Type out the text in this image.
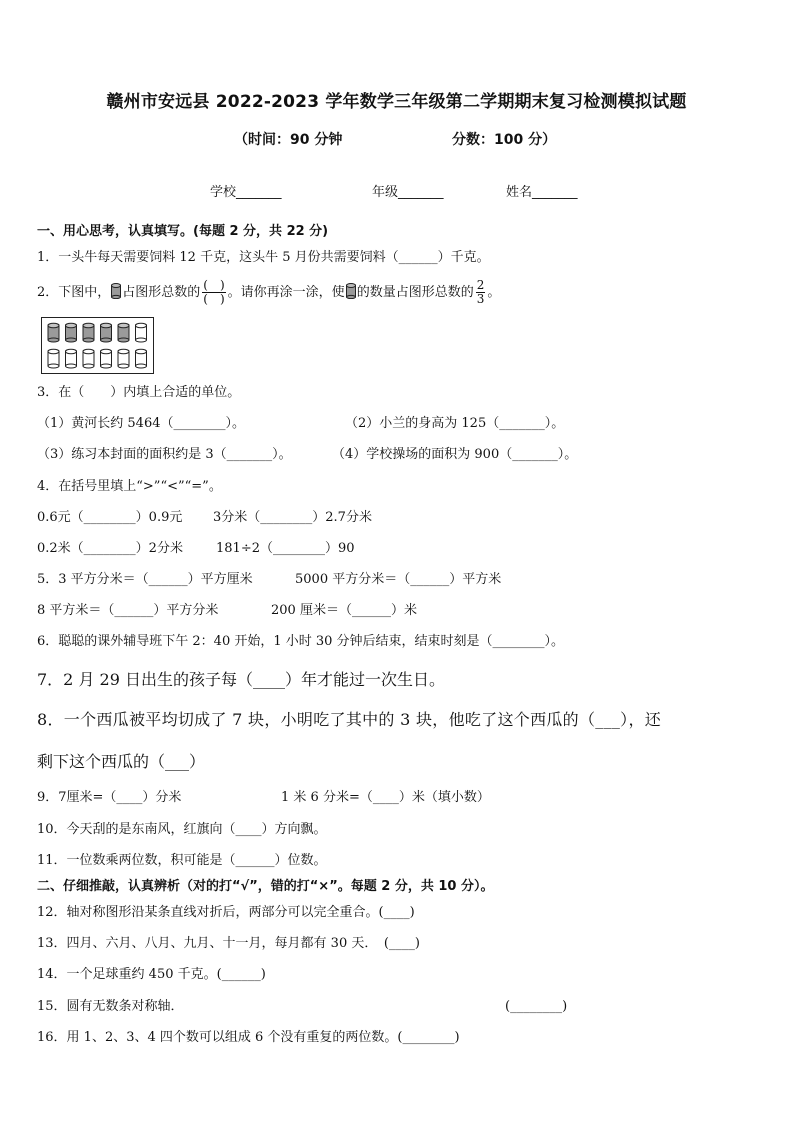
赣州市安远县 2022-2023 学年数学三年级第二学期期末复习检测模拟试题
（时间：90 分钟	分数：100 分）
学校_______	年级_______	姓名_______
一、用心思考，认真填写。(每题 2 分，共 22 分)
1．一头牛每天需要饲料 12 千克，这头牛 5 月份共需要饲料（______）千克。
2．下图中， 占图形总数的 $\frac{( )}{( )}$ 。请你再涂一涂，使 的数量占图形总数的 $\frac{2}{3}$ 。
3．在（　　）内填上合适的单位。
（1）黄河长约 5464（________）。	（2）小兰的身高为 125（_______）。
（3）练习本封面的面积约是 3（_______）。	（4）学校操场的面积为 900（_______）。
4．在括号里填上“>”“<”“=”。
0.6元（________）0.9元 3分米（________）2.7分米
0.2米（________）2分米	181÷2（________）90
5．3 平方分米＝（______）平方厘米	5000 平方分米＝（______）平方米
8 平方米＝（______）平方分米	200 厘米＝（______）米
6．聪聪的课外辅导班下午 2：40 开始，1 小时 30 分钟后结束，结束时刻是（________）。
7．2 月 29 日出生的孩子每（____）年才能过一次生日。
8．一个西瓜被平均切成了 7 块，小明吃了其中的 3 块，他吃了这个西瓜的（___），还
剩下这个西瓜的（___）
9．7厘米=（____）分米	1 米 6 分米=（____）米（填小数）
10．今天刮的是东南风，红旗向（____）方向飘。
11．一位数乘两位数，积可能是（______）位数。
二、仔细推敲，认真辨析（对的打“√”，错的打“×”。每题 2 分，共 10 分）。
12．轴对称图形沿某条直线对折后，两部分可以完全重合。(____)
13．四月、六月、八月、九月、十一月，每月都有 30 天．　(____)
14．一个足球重约 450 千克。(______)
15．圆有无数条对称轴．	(________)
16．用 1、2、3、4 四个数可以组成 6 个没有重复的两位数。(________)
